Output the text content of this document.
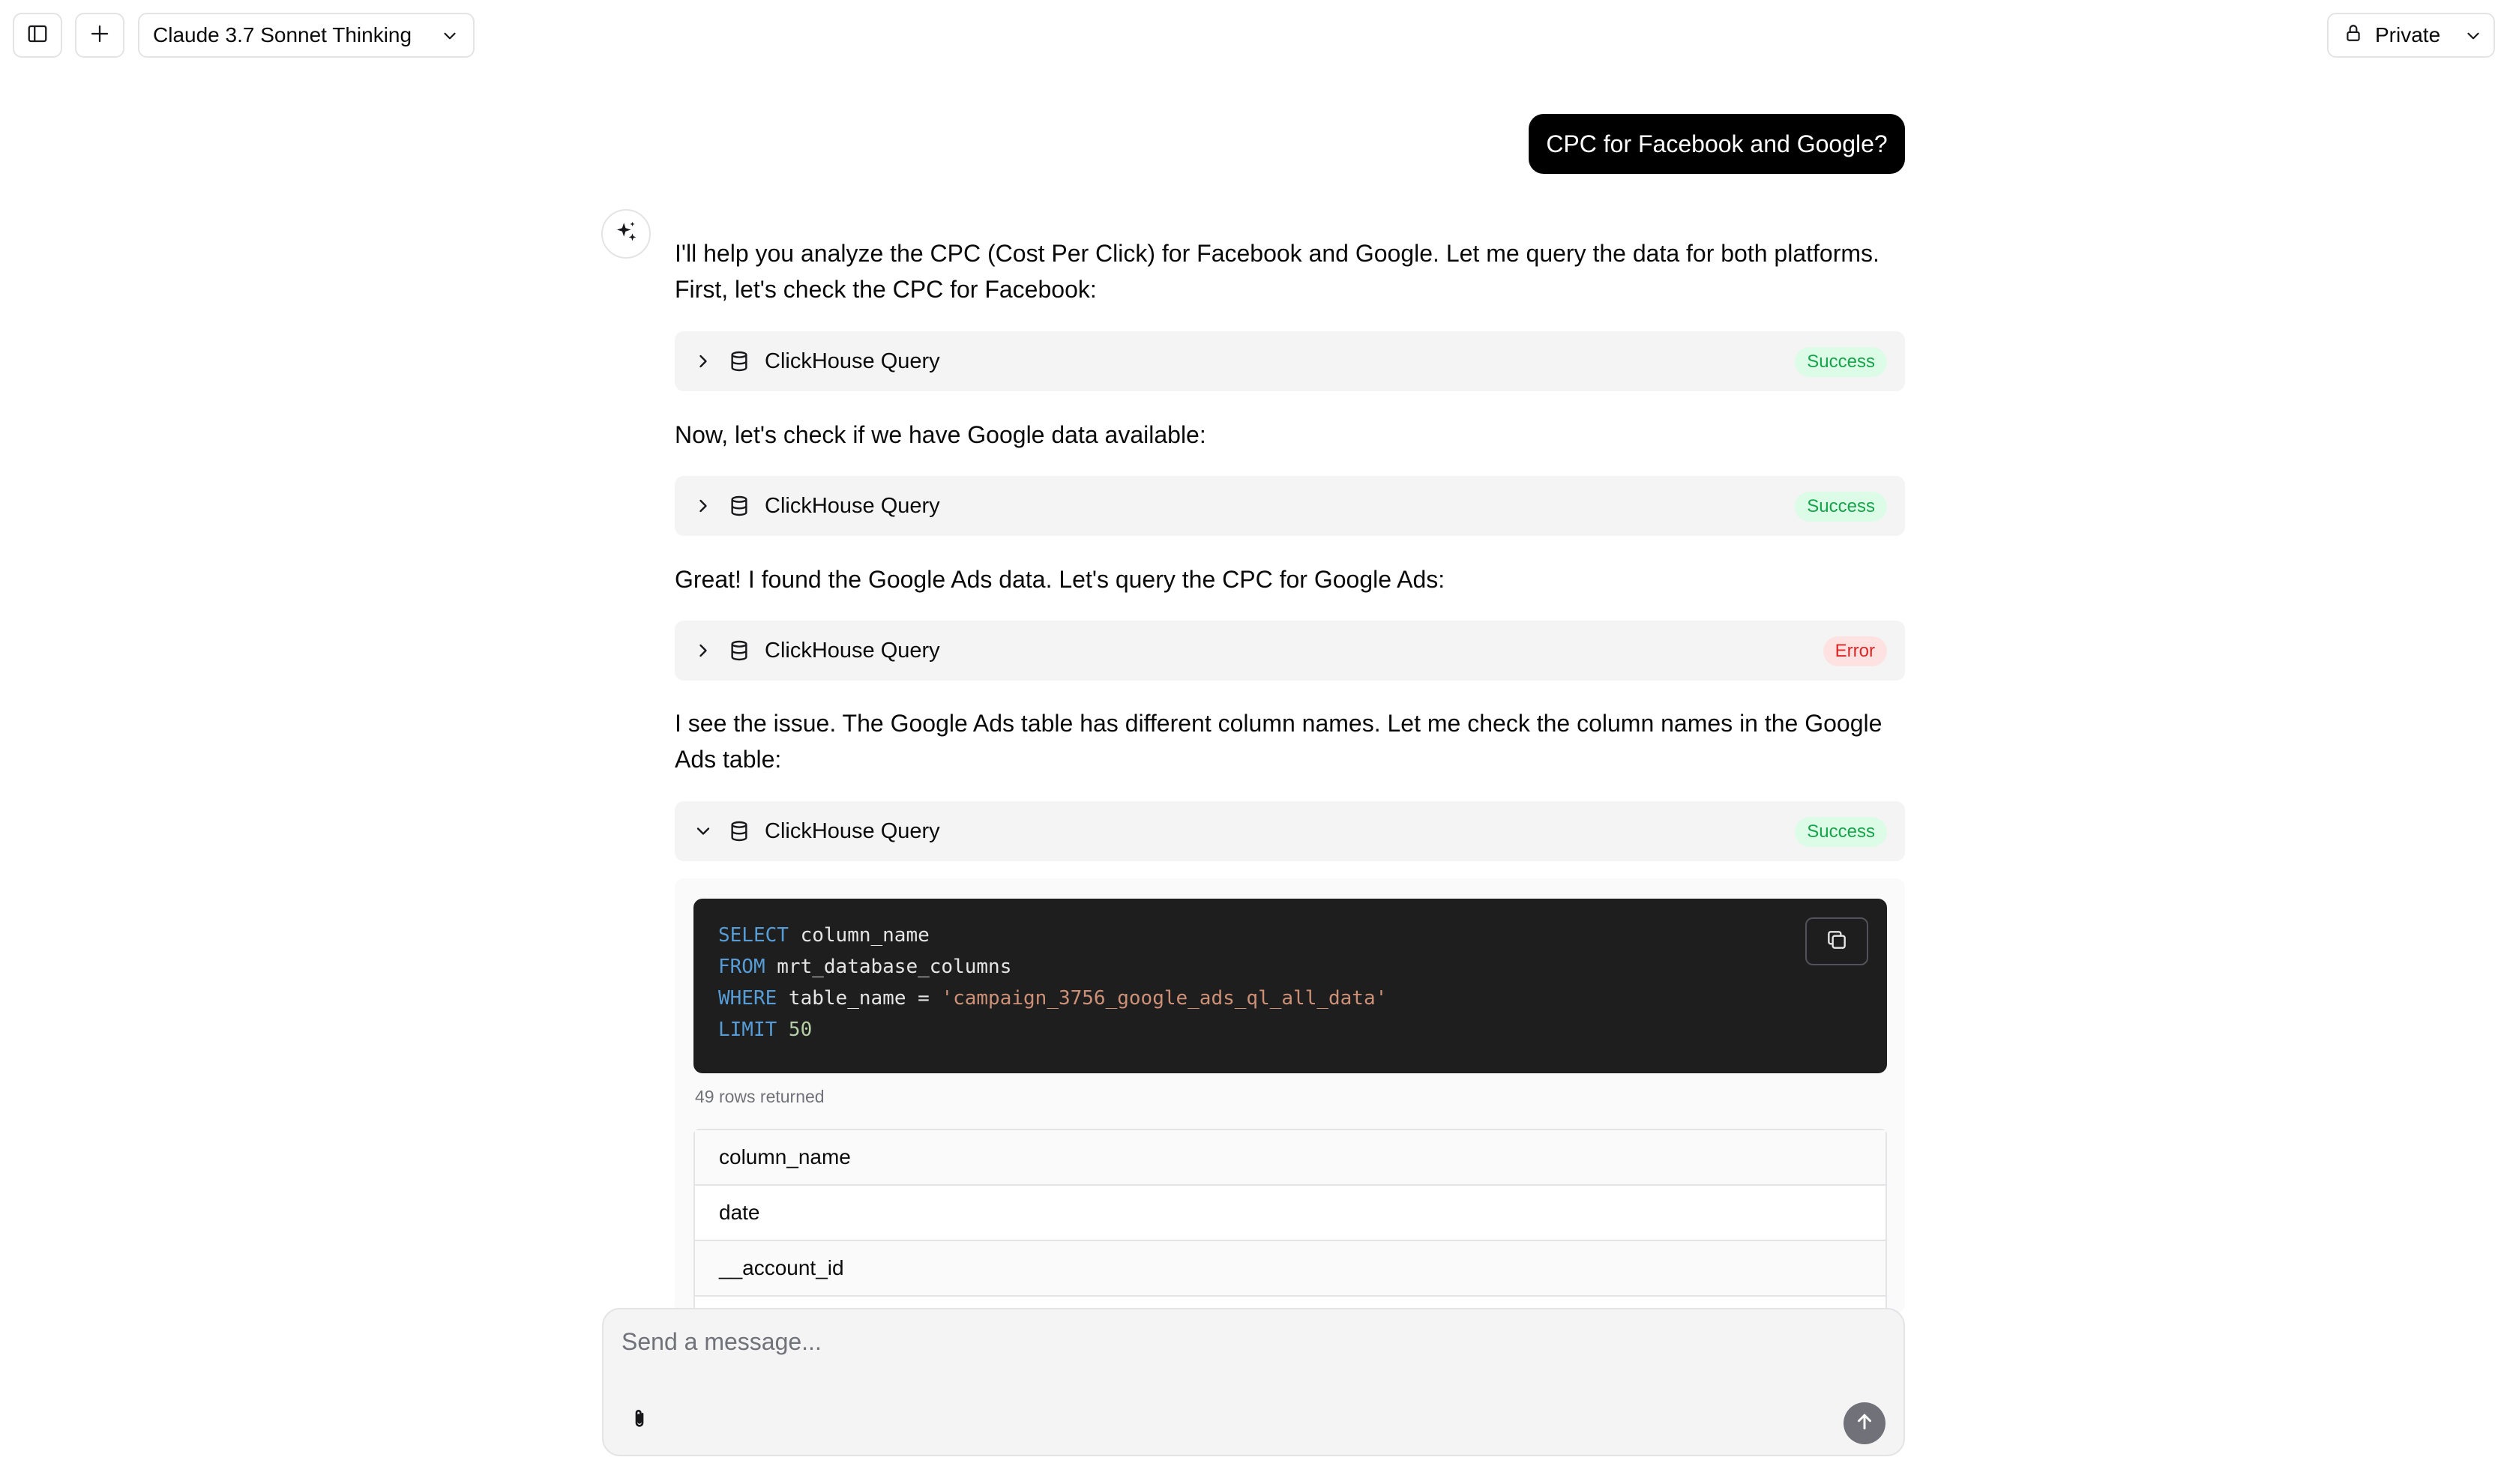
Claude 3.7 Sonnet Thinking	Private
CPC for Facebook and Google?
I'll help you analyze the CPC (Cost Per Click) for Facebook and Google. Let me query the data for both platforms. First, let's check the CPC for Facebook:
ClickHouse Query	Success
Now, let's check if we have Google data available:
ClickHouse Query	Success
Great! I found the Google Ads data. Let's query the CPC for Google Ads:
ClickHouse Query	Error
I see the issue. The Google Ads table has different column names. Let me check the column names in the Google Ads table:
ClickHouse Query	Success
SELECT column_name
FROM mrt_database_columns
WHERE table_name = 'campaign_3756_google_ads_ql_all_data'
LIMIT 50
49 rows returned
column_name
date
__account_id
Send a message...
